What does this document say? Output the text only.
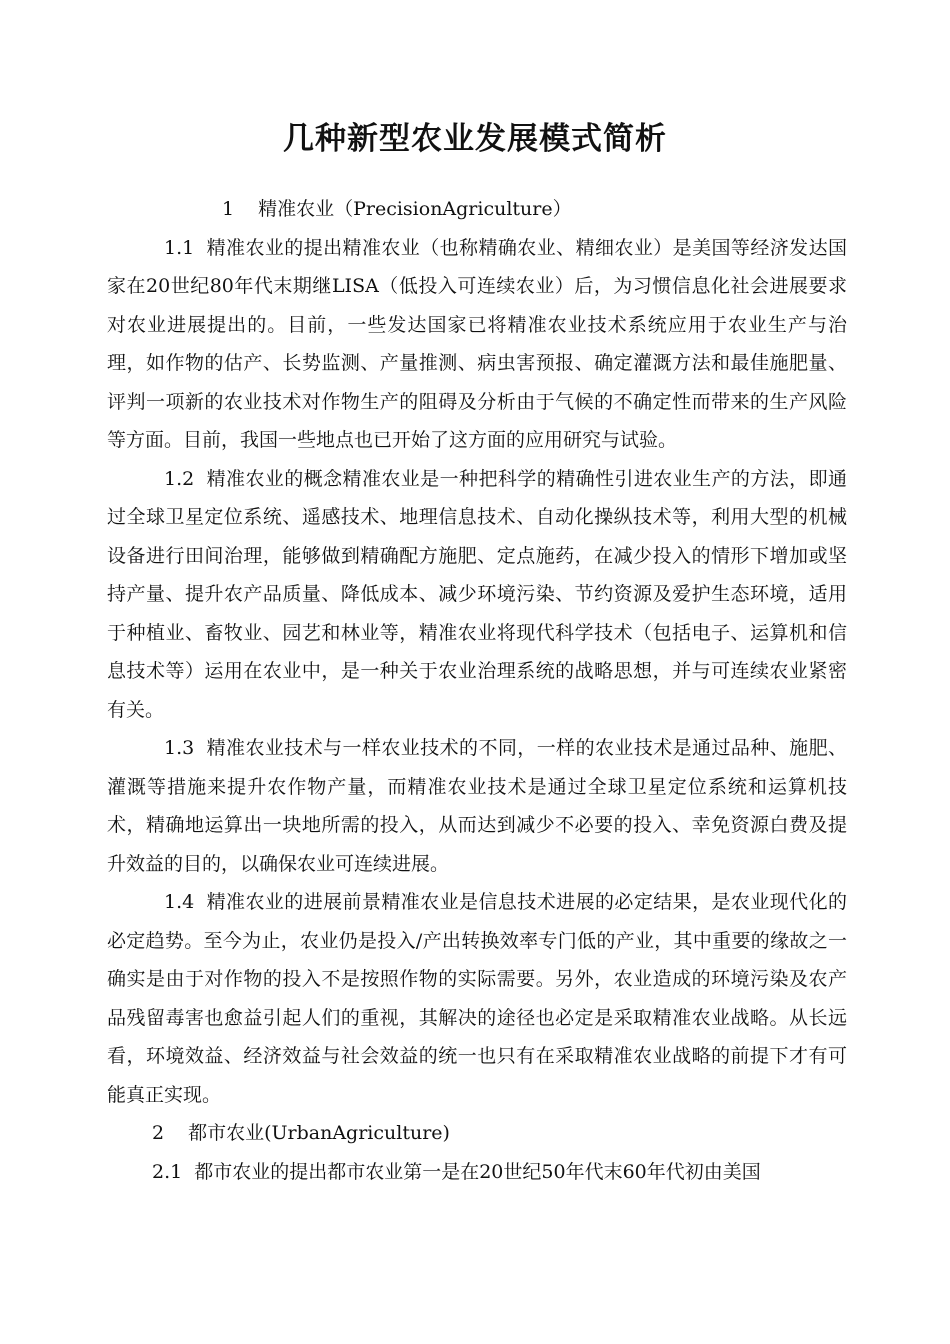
几种新型农业发展模式简析

1 精准农业（PrecisionAgriculture）

1.1 精准农业的提出精准农业（也称精确农业、精细农业）是美国等经济发达国家在20世纪80年代末期继LISA（低投入可连续农业）后，为习惯信息化社会进展要求对农业进展提出的。目前，一些发达国家已将精准农业技术系统应用于农业生产与治理，如作物的估产、长势监测、产量推测、病虫害预报、确定灌溉方法和最佳施肥量、评判一项新的农业技术对作物生产的阻碍及分析由于气候的不确定性而带来的生产风险等方面。目前，我国一些地点也已开始了这方面的应用研究与试验。

1.2 精准农业的概念精准农业是一种把科学的精确性引进农业生产的方法，即通过全球卫星定位系统、遥感技术、地理信息技术、自动化操纵技术等，利用大型的机械设备进行田间治理，能够做到精确配方施肥、定点施药，在减少投入的情形下增加或坚持产量、提升农产品质量、降低成本、减少环境污染、节约资源及爱护生态环境，适用于种植业、畜牧业、园艺和林业等，精准农业将现代科学技术（包括电子、运算机和信息技术等）运用在农业中，是一种关于农业治理系统的战略思想，并与可连续农业紧密有关。

1.3 精准农业技术与一样农业技术的不同，一样的农业技术是通过品种、施肥、灌溉等措施来提升农作物产量，而精准农业技术是通过全球卫星定位系统和运算机技术，精确地运算出一块地所需的投入，从而达到减少不必要的投入、幸免资源白费及提升效益的目的，以确保农业可连续进展。

1.4 精准农业的进展前景精准农业是信息技术进展的必定结果，是农业现代化的必定趋势。至今为止，农业仍是投入/产出转换效率专门低的产业，其中重要的缘故之一确实是由于对作物的投入不是按照作物的实际需要。另外，农业造成的环境污染及农产品残留毒害也愈益引起人们的重视，其解决的途径也必定是采取精准农业战略。从长远看，环境效益、经济效益与社会效益的统一也只有在采取精准农业战略的前提下才有可能真正实现。

2 都市农业(UrbanAgriculture)

2.1 都市农业的提出都市农业第一是在20世纪50年代末60年代初由美国
